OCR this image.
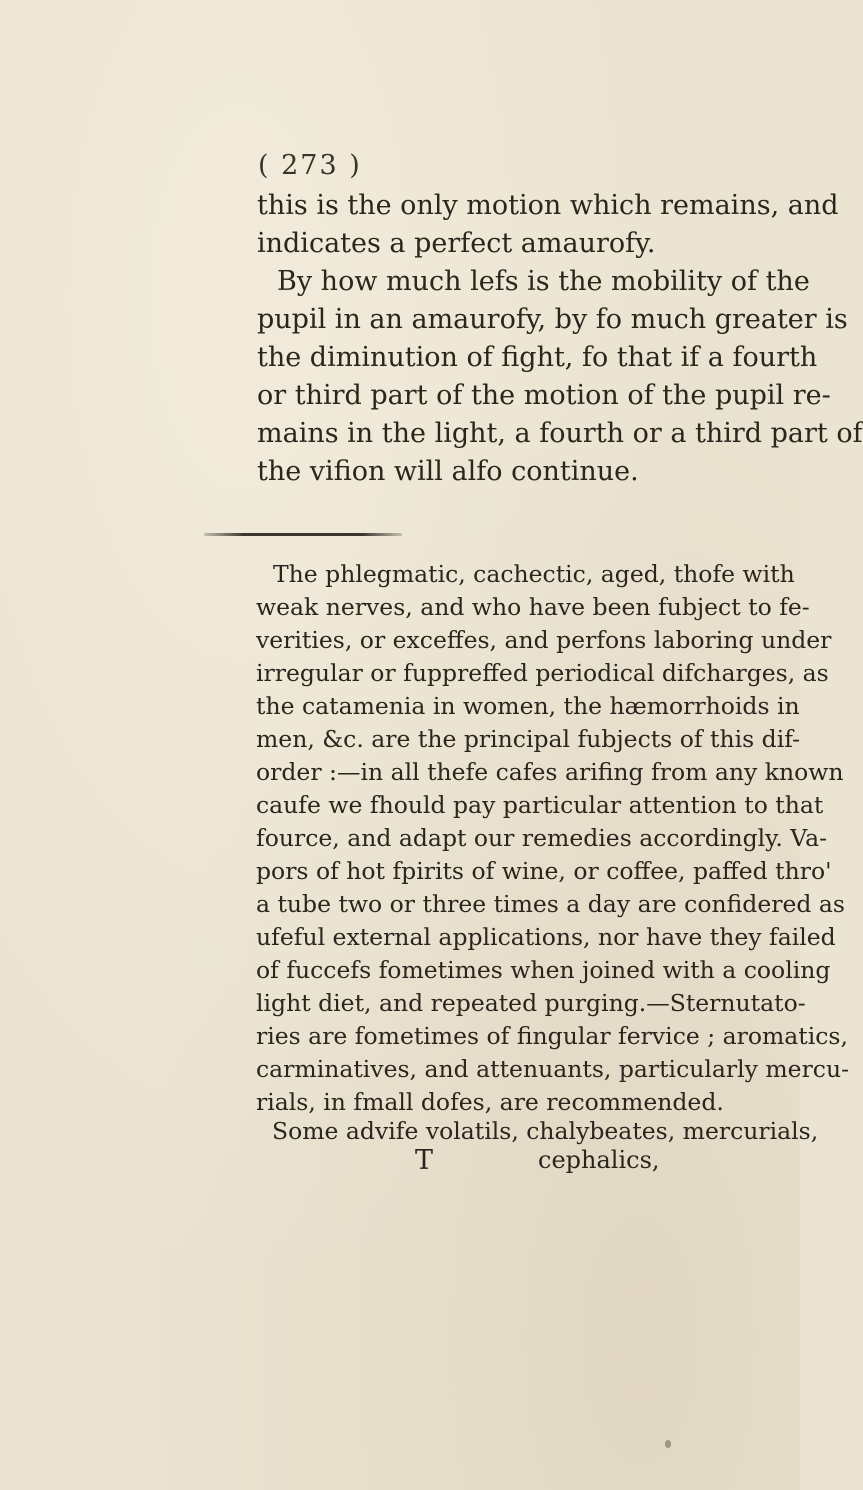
( 273 )
this is the only motion which remains, and
indicates a perfect amaurofy.
By how much lefs is the mobility of the
pupil in an amaurofy, by fo much greater is
the diminution of fight, fo that if a fourth
or third part of the motion of the pupil re-
mains in the light, a fourth or a third part of
the vifion will alfo continue.
The phlegmatic, cachectic, aged, thofe with
weak nerves, and who have been fubject to fe-
verities, or exceffes, and perfons laboring under
irregular or fuppreffed periodical difcharges, as
the catamenia in women, the hæmorrhoids in
men, &c. are the principal fubjects of this dif-
order :—in all thefe cafes arifing from any known
caufe we fhould pay particular attention to that
fource, and adapt our remedies accordingly. Va-
pors of hot fpirits of wine, or coffee, paffed thro'
a tube two or three times a day are confidered as
ufeful external applications, nor have they failed
of fuccefs fometimes when joined with a cooling
light diet, and repeated purging.—Sternutato-
ries are fometimes of fingular fervice ; aromatics,
carminatives, and attenuants, particularly mercu-
rials, in fmall dofes, are recommended.
Some advife volatils, chalybeates, mercurials,
T	cephalics,
